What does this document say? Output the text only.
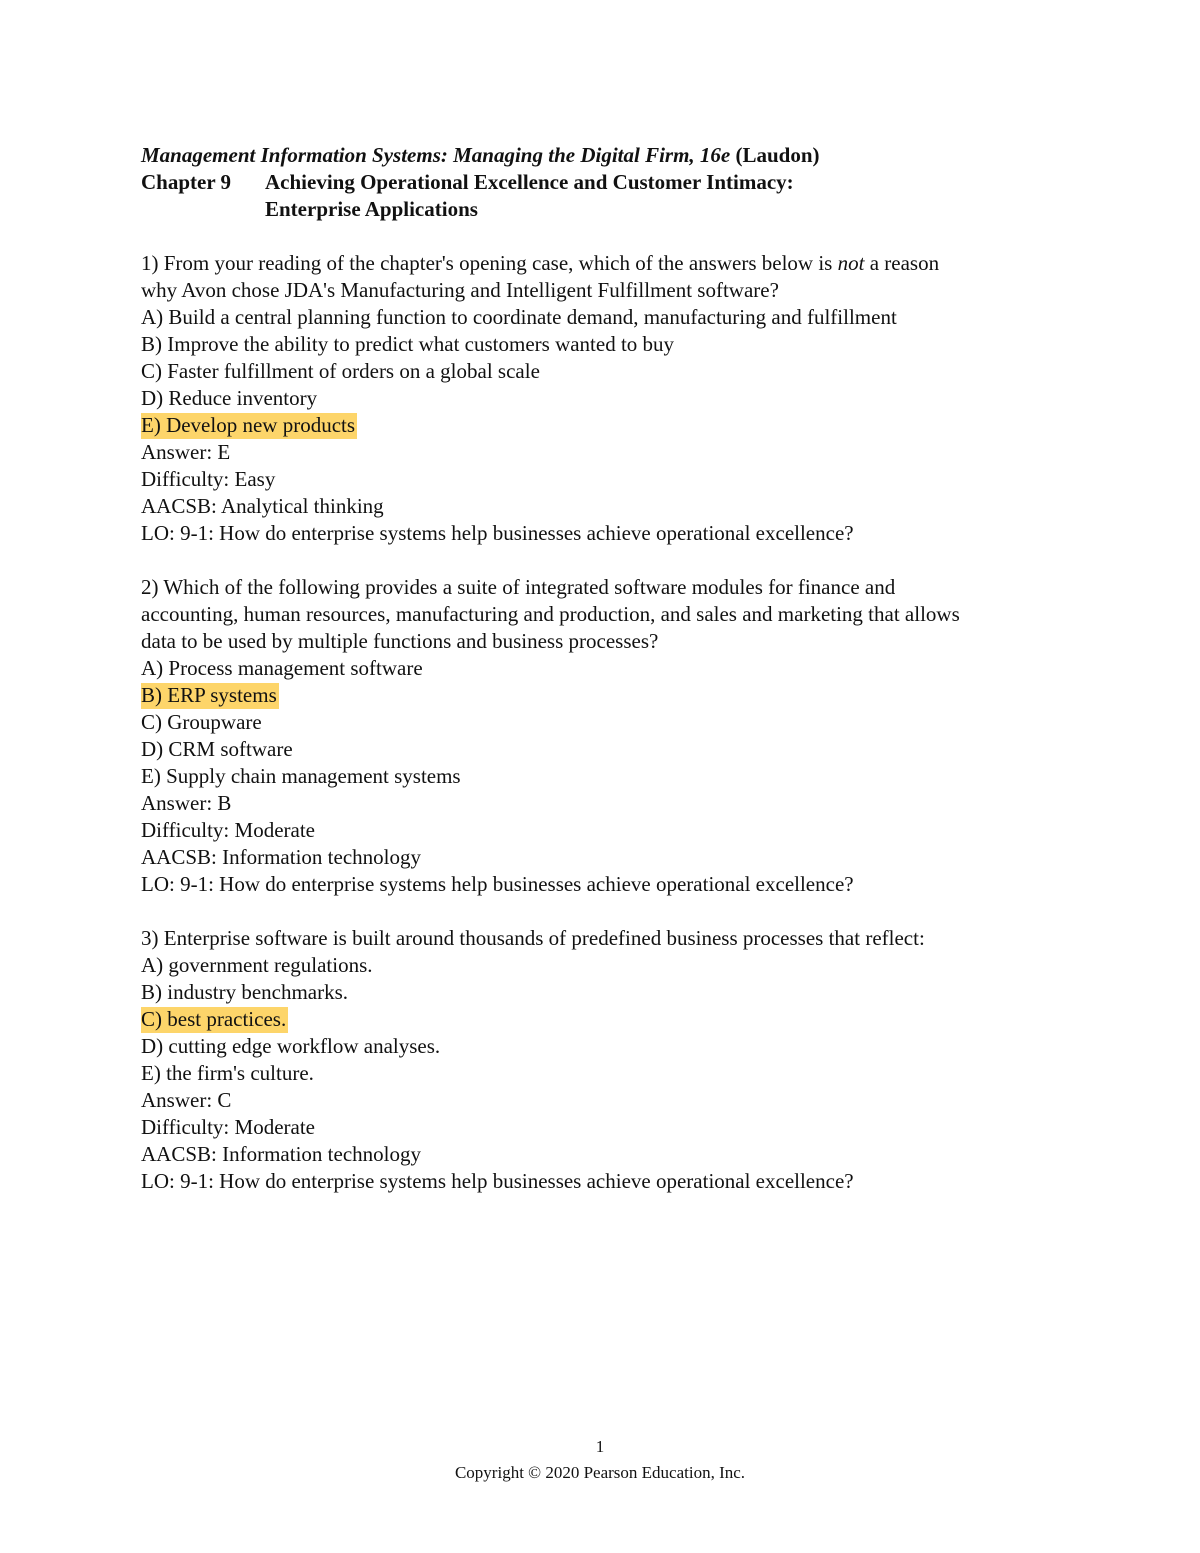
Management Information Systems: Managing the Digital Firm, 16e (Laudon)
Chapter 9 Achieving Operational Excellence and Customer Intimacy:
Enterprise Applications
1) From your reading of the chapter's opening case, which of the answers below is not a reason
why Avon chose JDA's Manufacturing and Intelligent Fulfillment software?
A) Build a central planning function to coordinate demand, manufacturing and fulfillment
B) Improve the ability to predict what customers wanted to buy
C) Faster fulfillment of orders on a global scale
D) Reduce inventory
E) Develop new products
Answer: E
Difficulty: Easy
AACSB: Analytical thinking
LO: 9-1: How do enterprise systems help businesses achieve operational excellence?
2) Which of the following provides a suite of integrated software modules for finance and
accounting, human resources, manufacturing and production, and sales and marketing that allows
data to be used by multiple functions and business processes?
A) Process management software
B) ERP systems
C) Groupware
D) CRM software
E) Supply chain management systems
Answer: B
Difficulty: Moderate
AACSB: Information technology
LO: 9-1: How do enterprise systems help businesses achieve operational excellence?
3) Enterprise software is built around thousands of predefined business processes that reflect:
A) government regulations.
B) industry benchmarks.
C) best practices.
D) cutting edge workflow analyses.
E) the firm's culture.
Answer: C
Difficulty: Moderate
AACSB: Information technology
LO: 9-1: How do enterprise systems help businesses achieve operational excellence?
1
Copyright © 2020 Pearson Education, Inc.
